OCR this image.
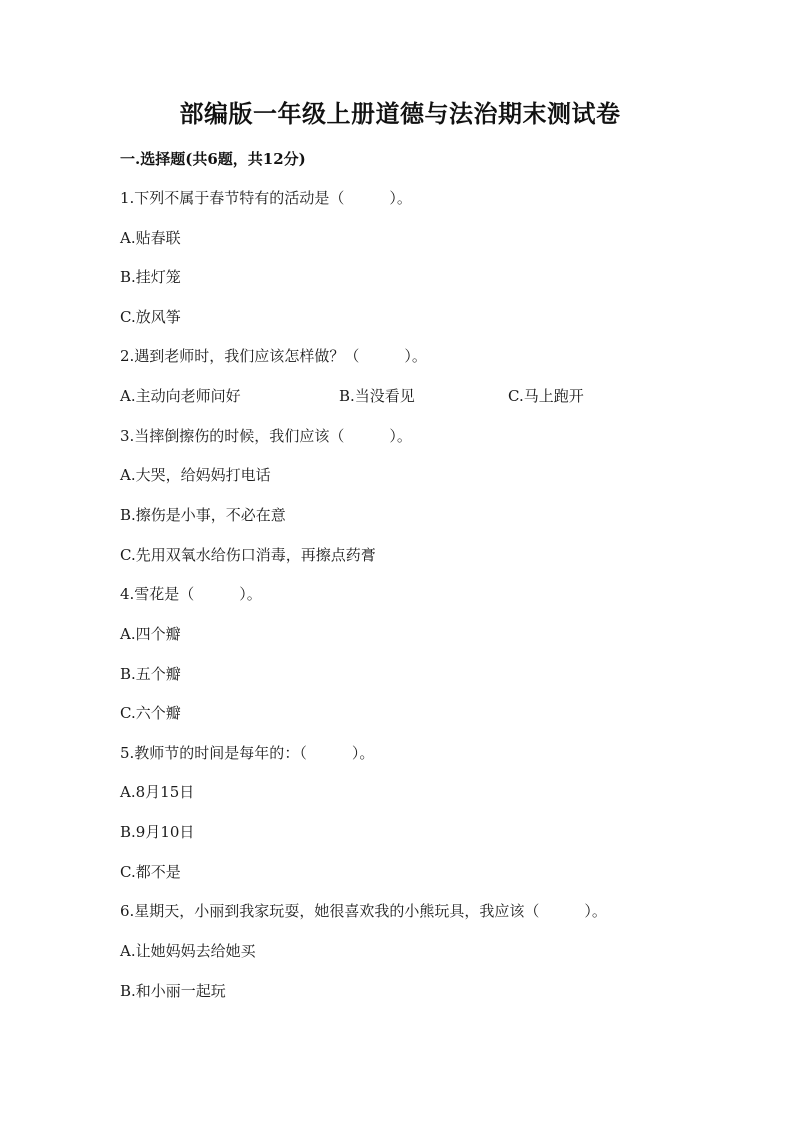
部编版一年级上册道德与法治期末测试卷
一.选择题(共6题，共12分)
1.下列不属于春节特有的活动是（　　　）。
A.贴春联
B.挂灯笼
C.放风筝
2.遇到老师时，我们应该怎样做？（　　　）。
A.主动向老师问好	B.当没看见	C.马上跑开
3.当摔倒擦伤的时候，我们应该（　　　）。
A.大哭，给妈妈打电话
B.擦伤是小事，不必在意
C.先用双氧水给伤口消毒，再擦点药膏
4.雪花是（　　　）。
A.四个瓣
B.五个瓣
C.六个瓣
5.教师节的时间是每年的：（　　　）。
A.8月15日
B.9月10日
C.都不是
6.星期天，小丽到我家玩耍，她很喜欢我的小熊玩具，我应该（　　　）。
A.让她妈妈去给她买
B.和小丽一起玩
